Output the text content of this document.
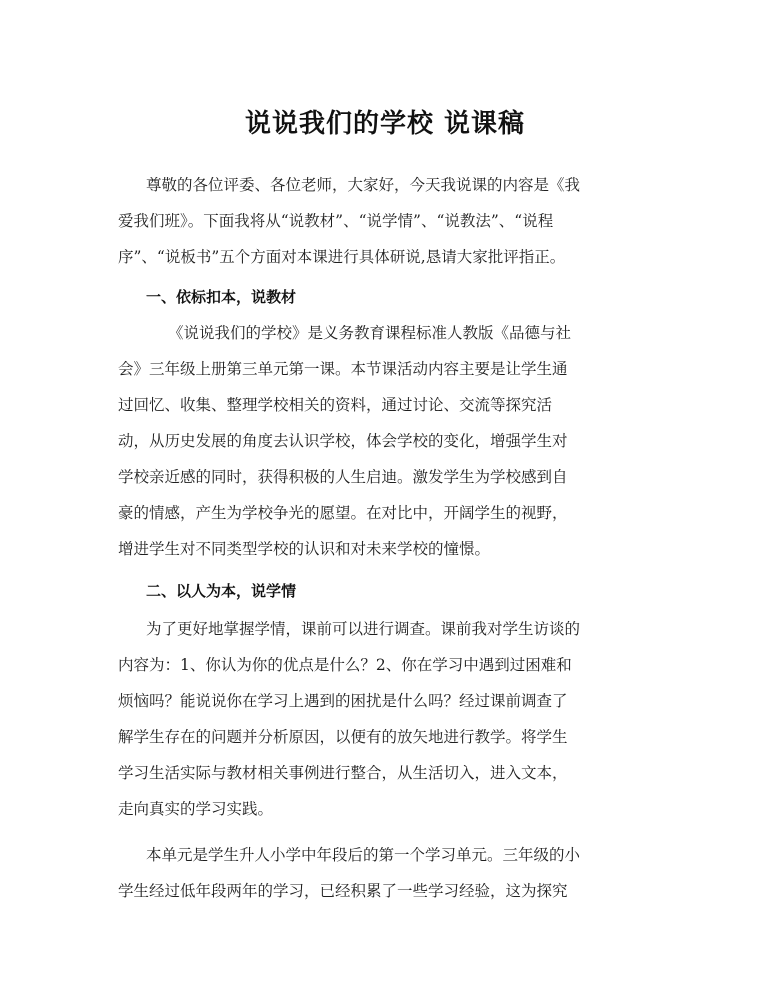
说说我们的学校 说课稿
尊敬的各位评委、各位老师，大家好，今天我说课的内容是《我
爱我们班》。下面我将从“说教材”、“说学情”、“说教法”、“说程
序”、“说板书”五个方面对本课进行具体研说,恳请大家批评指正。
一、依标扣本，说教材
《说说我们的学校》是义务教育课程标准人教版《品德与社
会》三年级上册第三单元第一课。本节课活动内容主要是让学生通
过回忆、收集、整理学校相关的资料，通过讨论、交流等探究活
动，从历史发展的角度去认识学校，体会学校的变化，增强学生对
学校亲近感的同时，获得积极的人生启迪。激发学生为学校感到自
豪的情感，产生为学校争光的愿望。在对比中，开阔学生的视野，
增进学生对不同类型学校的认识和对未来学校的憧憬。
二、以人为本，说学情
为了更好地掌握学情，课前可以进行调查。课前我对学生访谈的
内容为：1、你认为你的优点是什么？2、你在学习中遇到过困难和
烦恼吗？能说说你在学习上遇到的困扰是什么吗？经过课前调查了
解学生存在的问题并分析原因，以便有的放矢地进行教学。将学生
学习生活实际与教材相关事例进行整合，从生活切入，进入文本，
走向真实的学习实践。
本单元是学生升人小学中年段后的第一个学习单元。三年级的小
学生经过低年段两年的学习，已经积累了一些学习经验，这为探究
